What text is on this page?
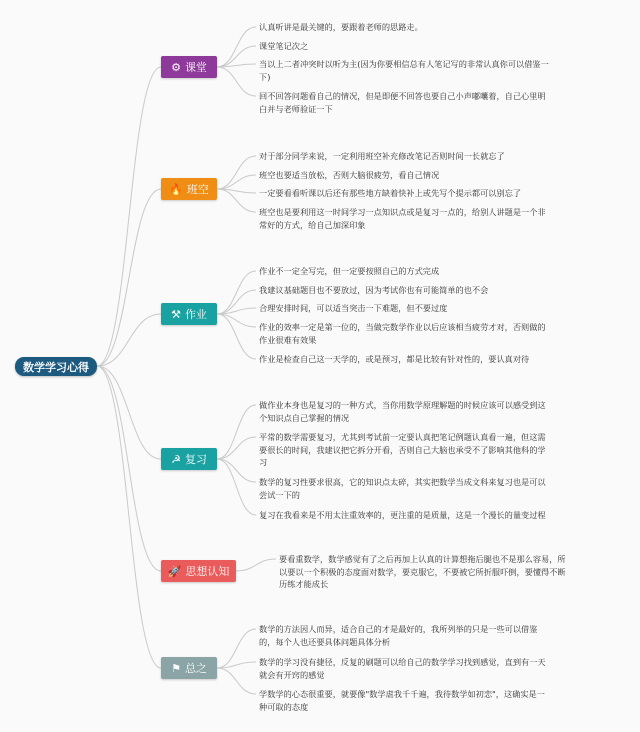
数学学习心得
⚙ 课堂
认真听讲是最关键的，要跟着老师的思路走。
课堂笔记次之
当以上二者冲突时以听为主(因为你要相信总有人笔记写的非常认真你可以借鉴一
下)
回不回答问题看自己的情况，但是即便不回答也要自己小声嘟囔着，自己心里明
白并与老师验证一下
🔥 班空
对于部分同学来说，一定利用班空补充修改笔记否则时间一长就忘了
班空也要适当放松，否则大脑很疲劳，看自己情况
一定要看看听课以后还有那些地方缺着快补上或先写个提示都可以别忘了
班空也是要利用这一时间学习一点知识点或是复习一点的，给别人讲题是一个非
常好的方式，给自己加深印象
⚒ 作业
作业不一定全写完，但一定要按照自己的方式完成
我建议基础题目也不要放过，因为考试你也有可能简单的也不会
合理安排时间，可以适当突击一下难题，但不要过度
作业的效率一定是第一位的，当做完数学作业以后应该相当疲劳才对，否则做的
作业很难有效果
作业是检查自己这一天学的，或是预习，都是比较有针对性的，要认真对待
☭ 复习
做作业本身也是复习的一种方式，当你用数学原理解题的时候应该可以感受到这
个知识点自己掌握的情况
平常的数学需要复习，尤其到考试前一定要认真把笔记例题认真看一遍，但这需
要很长的时间，我建议把它拆分开看，否则自己大脑也承受不了影响其他科的学
习
数学的复习性要求很高，它的知识点太碎，其实把数学当成文科来复习也是可以
尝试一下的
复习在我看来是不用太注重效率的，更注重的是质量，这是一个漫长的量变过程
🚀 思想认知
要看重数学，数学感觉有了之后再加上认真的计算想拖后腿也不是那么容易，所
以要以一个积极的态度面对数学，要克服它，不要被它所折服吓倒，要懂得不断
历练才能成长
⚑ 总之
数学的方法因人而异，适合自己的才是最好的，我所列举的只是一些可以借鉴
的，每个人也还要具体问题具体分析
数学的学习没有捷径，反复的刷题可以给自己的数学学习找到感觉，直到有一天
就会有开窍的感觉
学数学的心态很重要，就要像"数学虐我千千遍，我待数学如初恋"，这确实是一
种可取的态度
